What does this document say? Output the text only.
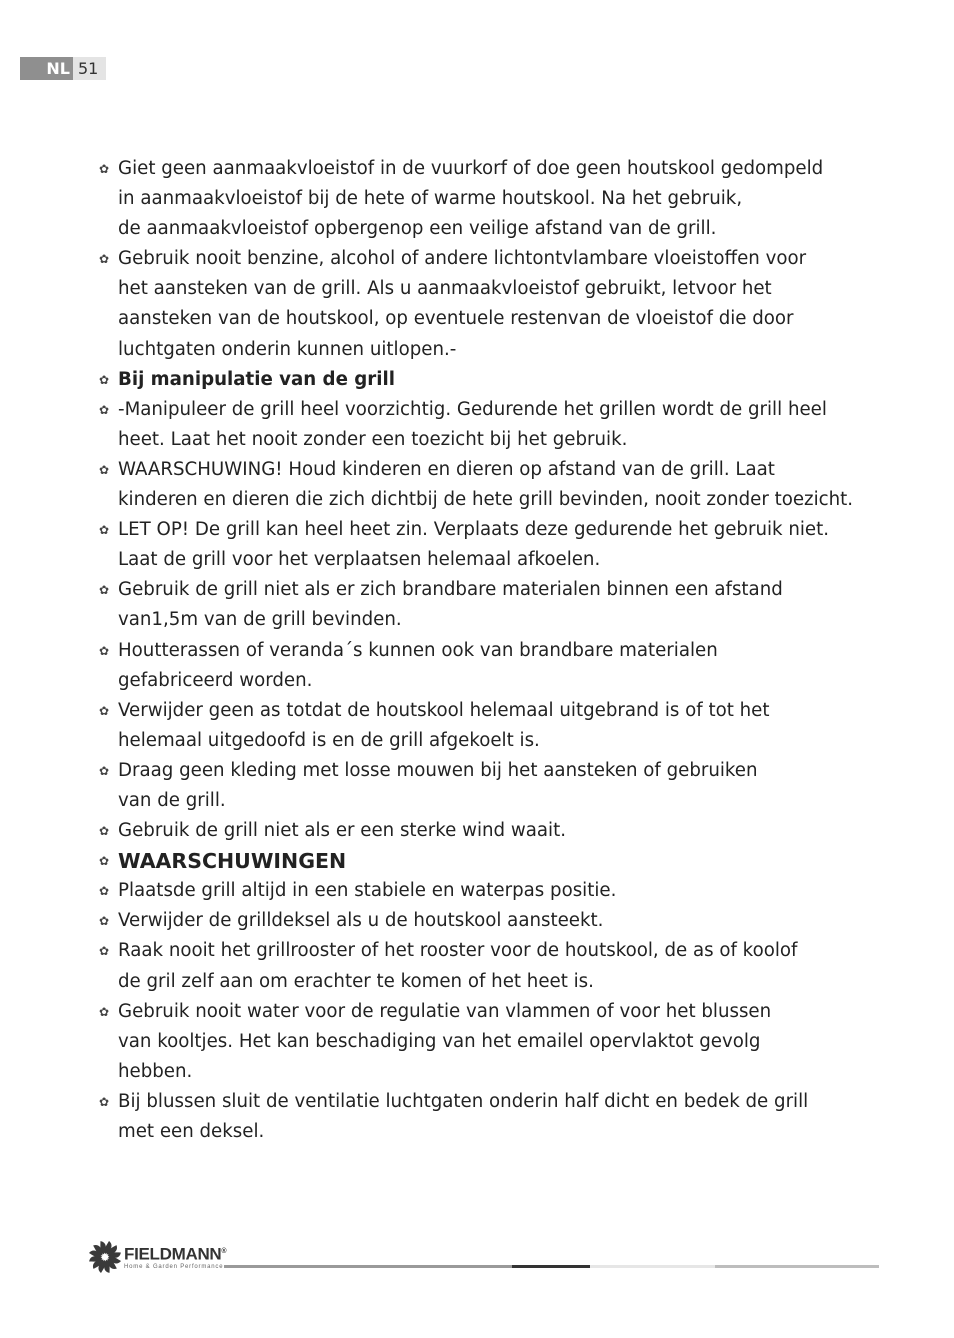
NL 51
✿ Giet geen aanmaakvloeistof in de vuurkorf of doe geen houtskool gedompeld
in aanmaakvloeistof bij de hete of warme houtskool. Na het gebruik,
de aanmaakvloeistof opbergenop een veilige afstand van de grill.
✿ Gebruik nooit benzine, alcohol of andere lichtontvlambare vloeistoffen voor
het aansteken van de grill. Als u aanmaakvloeistof gebruikt, letvoor het
aansteken van de houtskool, op eventuele restenvan de vloeistof die door
luchtgaten onderin kunnen uitlopen.-
✿ Bij manipulatie van de grill
✿ -Manipuleer de grill heel voorzichtig. Gedurende het grillen wordt de grill heel
heet. Laat het nooit zonder een toezicht bij het gebruik.
✿ WAARSCHUWING! Houd kinderen en dieren op afstand van de grill. Laat
kinderen en dieren die zich dichtbij de hete grill bevinden, nooit zonder toezicht.
✿ LET OP! De grill kan heel heet zin. Verplaats deze gedurende het gebruik niet.
Laat de grill voor het verplaatsen helemaal afkoelen.
✿ Gebruik de grill niet als er zich brandbare materialen binnen een afstand
van1,5m van de grill bevinden.
✿ Houtterassen of veranda´s kunnen ook van brandbare materialen
gefabriceerd worden.
✿ Verwijder geen as totdat de houtskool helemaal uitgebrand is of tot het
helemaal uitgedoofd is en de grill afgekoelt is.
✿ Draag geen kleding met losse mouwen bij het aansteken of gebruiken
van de grill.
✿ Gebruik de grill niet als er een sterke wind waait.
✿ WAARSCHUWINGEN
✿ Plaatsde grill altijd in een stabiele en waterpas positie.
✿ Verwijder de grilldeksel als u de houtskool aansteekt.
✿ Raak nooit het grillrooster of het rooster voor de houtskool, de as of koolof
de gril zelf aan om erachter te komen of het heet is.
✿ Gebruik nooit water voor de regulatie van vlammen of voor het blussen
van kooltjes. Het kan beschadiging van het emailel opervlaktot gevolg
hebben.
✿ Bij blussen sluit de ventilatie luchtgaten onderin half dicht en bedek de grill
met een deksel.
FIELDMANN®
Home & Garden Performance
